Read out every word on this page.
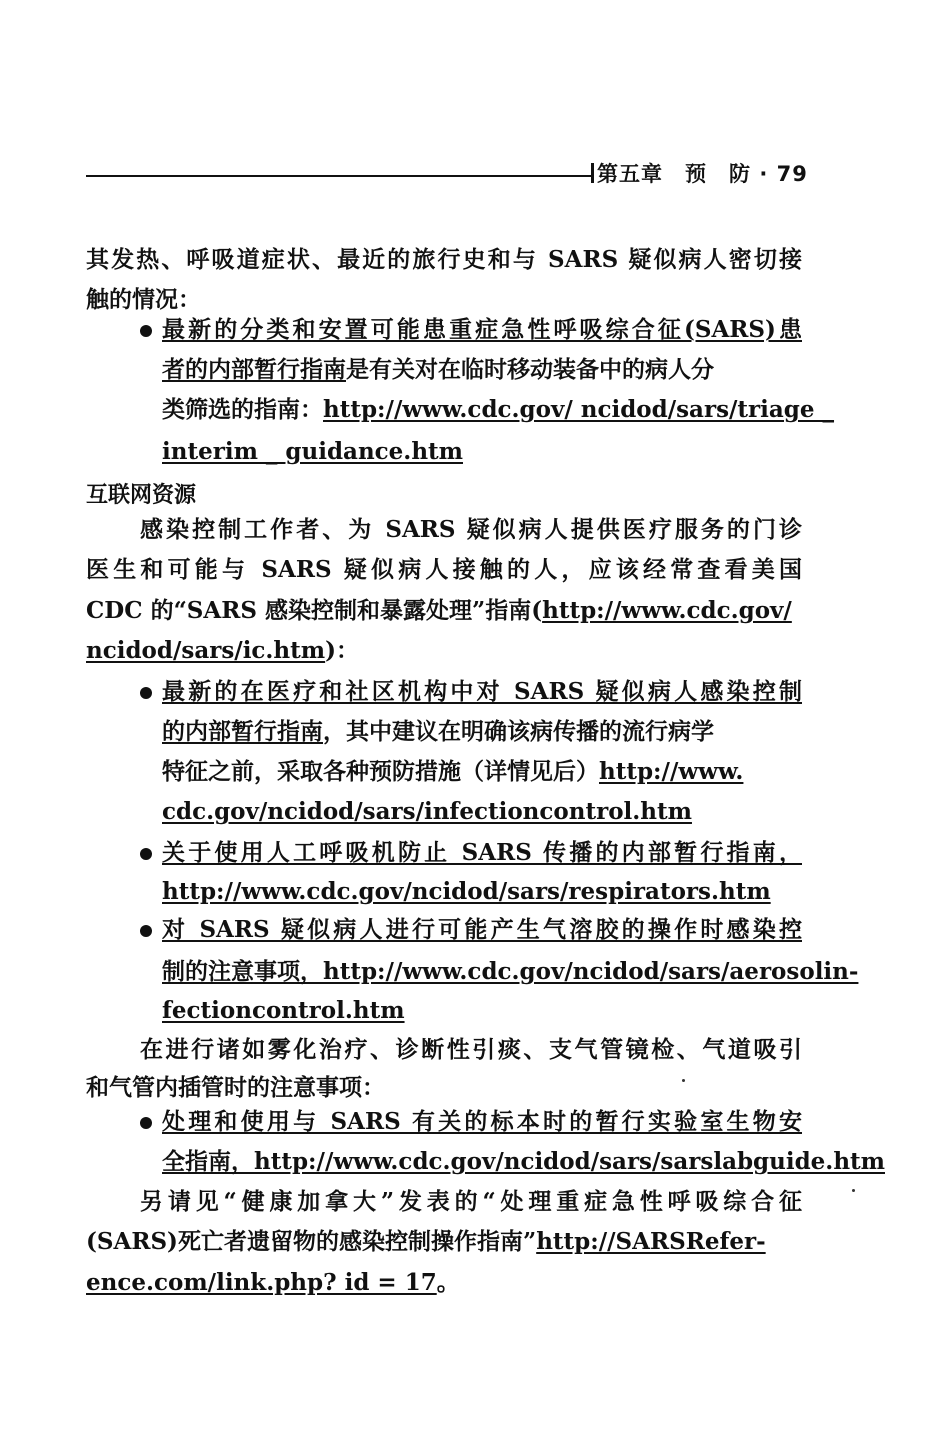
第五章　预　防 · 79
其发热、呼吸道症状、最近的旅行史和与 SARS 疑似病人密切接
触的情况：
最新的分类和安置可能患重症急性呼吸综合征(SARS)患
者的内部暂行指南是有关对在临时移动装备中的病人分
类筛选的指南：http://www.cdc.gov/ ncidod/sars/triage _
interim _ guidance.htm
互联网资源
感染控制工作者、为 SARS 疑似病人提供医疗服务的门诊
医生和可能与 SARS 疑似病人接触的人，应该经常查看美国
CDC 的“SARS 感染控制和暴露处理”指南(http://www.cdc.gov/
ncidod/sars/ic.htm)：
最新的在医疗和社区机构中对 SARS 疑似病人感染控制
的内部暂行指南，其中建议在明确该病传播的流行病学
特征之前，采取各种预防措施（详情见后）http://www.
cdc.gov/ncidod/sars/infectioncontrol.htm
关于使用人工呼吸机防止 SARS 传播的内部暂行指南，
http://www.cdc.gov/ncidod/sars/respirators.htm
对 SARS 疑似病人进行可能产生气溶胶的操作时感染控
制的注意事项，http://www.cdc.gov/ncidod/sars/aerosolin-
fectioncontrol.htm
在进行诸如雾化治疗、诊断性引痰、支气管镜检、气道吸引
和气管内插管时的注意事项：
处理和使用与 SARS 有关的标本时的暂行实验室生物安
全指南，http://www.cdc.gov/ncidod/sars/sarslabguide.htm
另请见“健康加拿大”发表的“处理重症急性呼吸综合征
(SARS)死亡者遗留物的感染控制操作指南”http://SARSRefer-
ence.com/link.php? id = 17。
